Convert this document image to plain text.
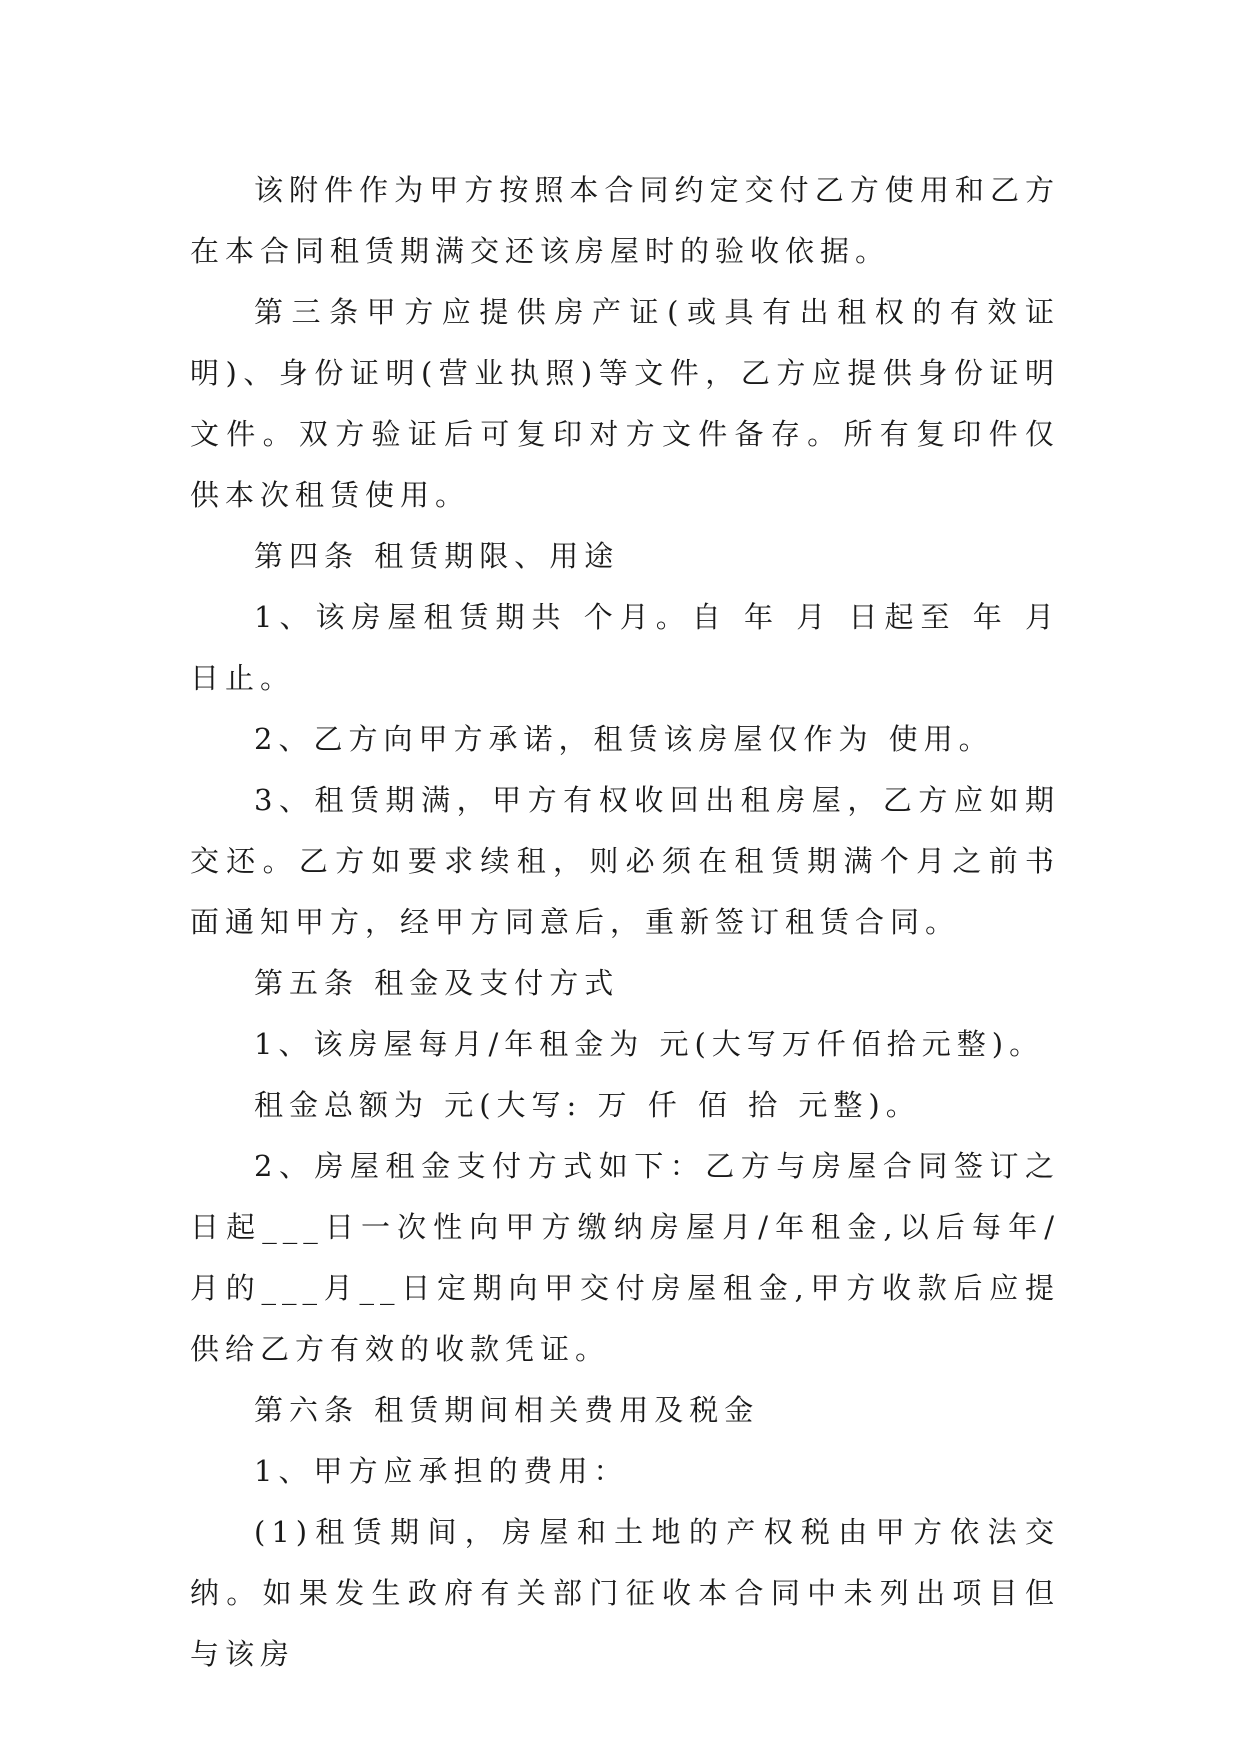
该附件作为甲方按照本合同约定交付乙方使用和乙方在本合同租赁期满交还该房屋时的验收依据。

第三条甲方应提供房产证(或具有出租权的有效证明)、身份证明(营业执照)等文件，乙方应提供身份证明文件。双方验证后可复印对方文件备存。所有复印件仅供本次租赁使用。

第四条 租赁期限、用途

1、该房屋租赁期共 个月。自 年 月 日起至 年 月 日止。

2、乙方向甲方承诺，租赁该房屋仅作为 使用。

3、租赁期满，甲方有权收回出租房屋，乙方应如期交还。乙方如要求续租，则必须在租赁期满个月之前书面通知甲方，经甲方同意后，重新签订租赁合同。

第五条 租金及支付方式

1、该房屋每月/年租金为 元(大写万仟佰拾元整)。

租金总额为 元(大写: 万 仟 佰 拾 元整)。

2、房屋租金支付方式如下：乙方与房屋合同签订之日起___日一次性向甲方缴纳房屋月/年租金,以后每年/月的___月__日定期向甲交付房屋租金,甲方收款后应提供给乙方有效的收款凭证。

第六条 租赁期间相关费用及税金

1、甲方应承担的费用：

(1)租赁期间，房屋和土地的产权税由甲方依法交纳。如果发生政府有关部门征收本合同中未列出项目但与该房
